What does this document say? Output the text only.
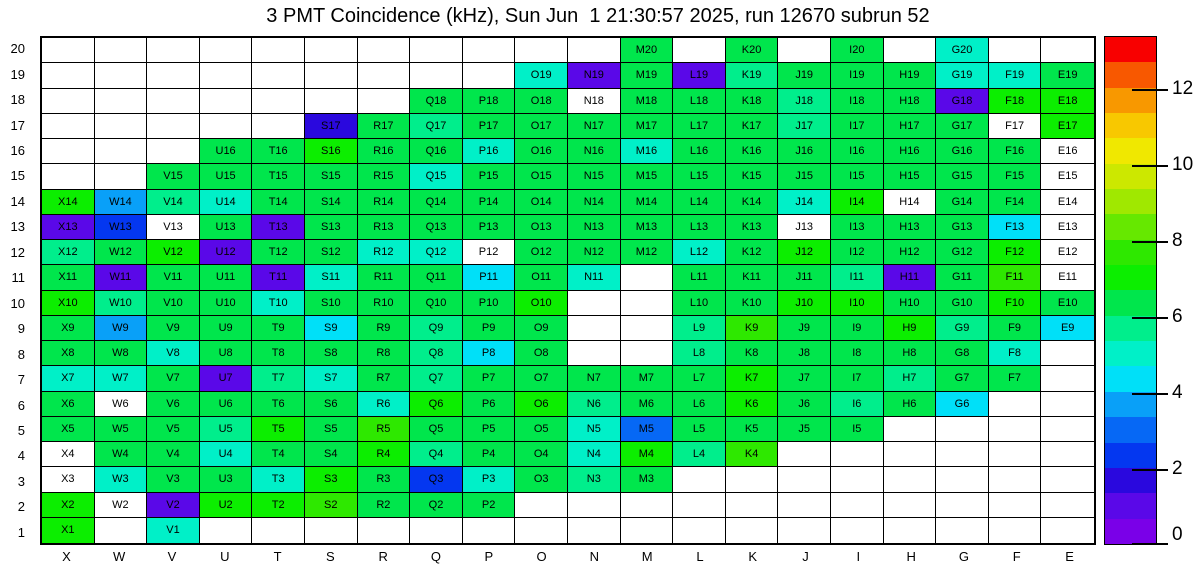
3 PMT Coincidence (kHz), Sun Jun  1 21:30:57 2025, run 12670 subrun 52
20
19
18
17
16
15
14
13
12
11
10
9
8
7
6
5
4
3
2
1
M20	K20	I20	G20
O19	N19	M19	L19	K19	J19	I19	H19	G19	F19	E19
Q18	P18	O18	N18	M18	L18	K18	J18	I18	H18	G18	F18	E18
S17	R17	Q17	P17	O17	N17	M17	L17	K17	J17	I17	H17	G17	F17	E17
U16	T16	S16	R16	Q16	P16	O16	N16	M16	L16	K16	J16	I16	H16	G16	F16	E16
V15	U15	T15	S15	R15	Q15	P15	O15	N15	M15	L15	K15	J15	I15	H15	G15	F15	E15
X14	W14	V14	U14	T14	S14	R14	Q14	P14	O14	N14	M14	L14	K14	J14	I14	H14	G14	F14	E14
X13	W13	V13	U13	T13	S13	R13	Q13	P13	O13	N13	M13	L13	K13	J13	I13	H13	G13	F13	E13
X12	W12	V12	U12	T12	S12	R12	Q12	P12	O12	N12	M12	L12	K12	J12	I12	H12	G12	F12	E12
X11	W11	V11	U11	T11	S11	R11	Q11	P11	O11	N11	L11	K11	J11	I11	H11	G11	F11	E11
X10	W10	V10	U10	T10	S10	R10	Q10	P10	O10	L10	K10	J10	I10	H10	G10	F10	E10
X9	W9	V9	U9	T9	S9	R9	Q9	P9	O9	L9	K9	J9	I9	H9	G9	F9	E9
X8	W8	V8	U8	T8	S8	R8	Q8	P8	O8	L8	K8	J8	I8	H8	G8	F8
X7	W7	V7	U7	T7	S7	R7	Q7	P7	O7	N7	M7	L7	K7	J7	I7	H7	G7	F7
X6	W6	V6	U6	T6	S6	R6	Q6	P6	O6	N6	M6	L6	K6	J6	I6	H6	G6
X5	W5	V5	U5	T5	S5	R5	Q5	P5	O5	N5	M5	L5	K5	J5	I5
X4	W4	V4	U4	T4	S4	R4	Q4	P4	O4	N4	M4	L4	K4
X3	W3	V3	U3	T3	S3	R3	Q3	P3	O3	N3	M3
X2	W2	V2	U2	T2	S2	R2	Q2	P2
X1	V1
X	W	V	U	T	S	R	Q	P	O	N	M	L	K	J	I	H	G	F	E
0
2
4
6
8
10
12
